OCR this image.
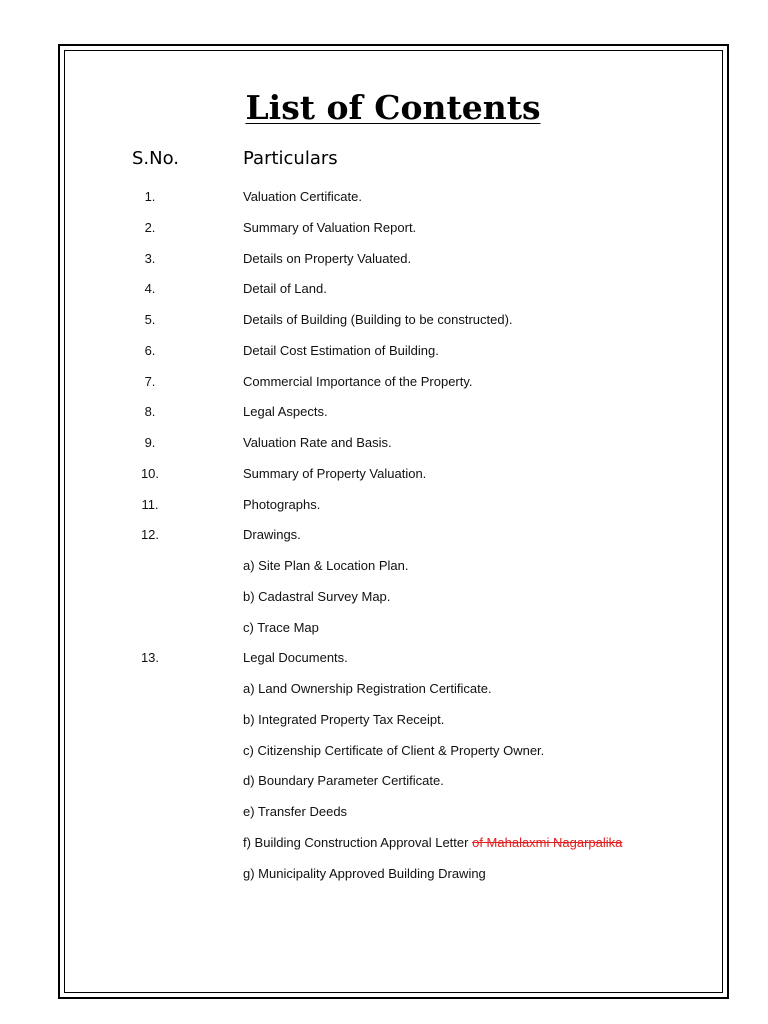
List of Contents
S.No.	Particulars
1.	Valuation Certificate.
2.	Summary of Valuation Report.
3.	Details on Property Valuated.
4.	Detail of Land.
5.	Details of Building (Building to be constructed).
6.	Detail Cost Estimation of Building.
7.	Commercial Importance of the Property.
8.	Legal Aspects.
9.	Valuation Rate and Basis.
10.	Summary of Property Valuation.
11.	Photographs.
12.	Drawings.
a) Site Plan & Location Plan.
b) Cadastral Survey Map.
c) Trace Map
13.	Legal Documents.
a) Land Ownership Registration Certificate.
b) Integrated Property Tax Receipt.
c) Citizenship Certificate of Client & Property Owner.
d) Boundary Parameter Certificate.
e) Transfer Deeds
f) Building Construction Approval Letter of Mahalaxmi Nagarpalika
g) Municipality Approved Building Drawing
